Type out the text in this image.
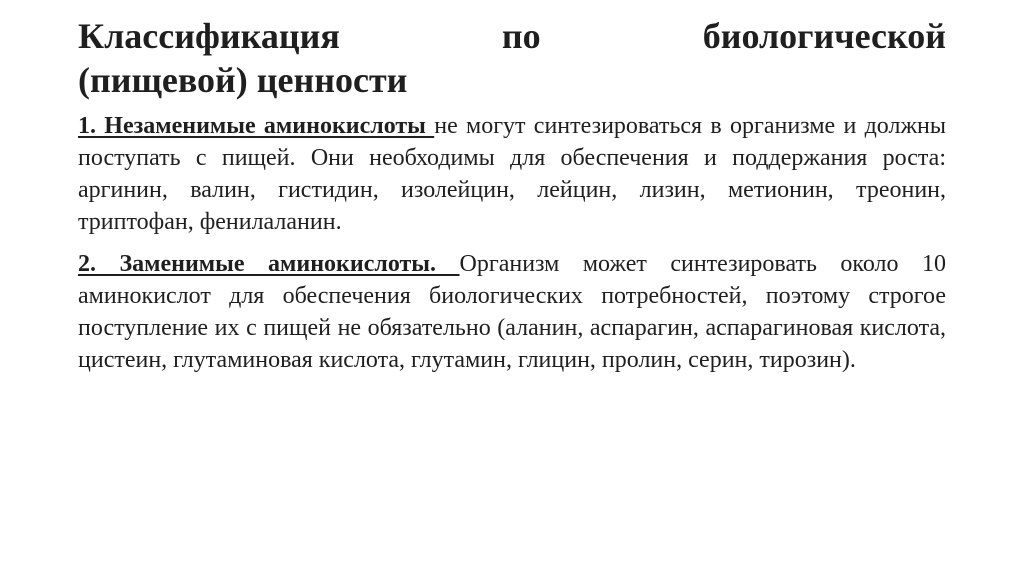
Классификация	по	биологической
(пищевой) ценности

1. Незаменимые аминокислоты не могут синтезироваться в организме и должны поступать с пищей. Они необходимы для обеспечения и поддержания роста: аргинин, валин, гистидин, изолейцин, лейцин, лизин, метионин, треонин, триптофан, фенилаланин.

2. Заменимые аминокислоты. Организм может синтезировать около 10 аминокислот для обеспечения биологических потребностей, поэтому строгое поступление их с пищей не обязательно (аланин, аспарагин, аспарагиновая кислота, цистеин, глутаминовая кислота, глутамин, глицин, пролин, серин, тирозин).
